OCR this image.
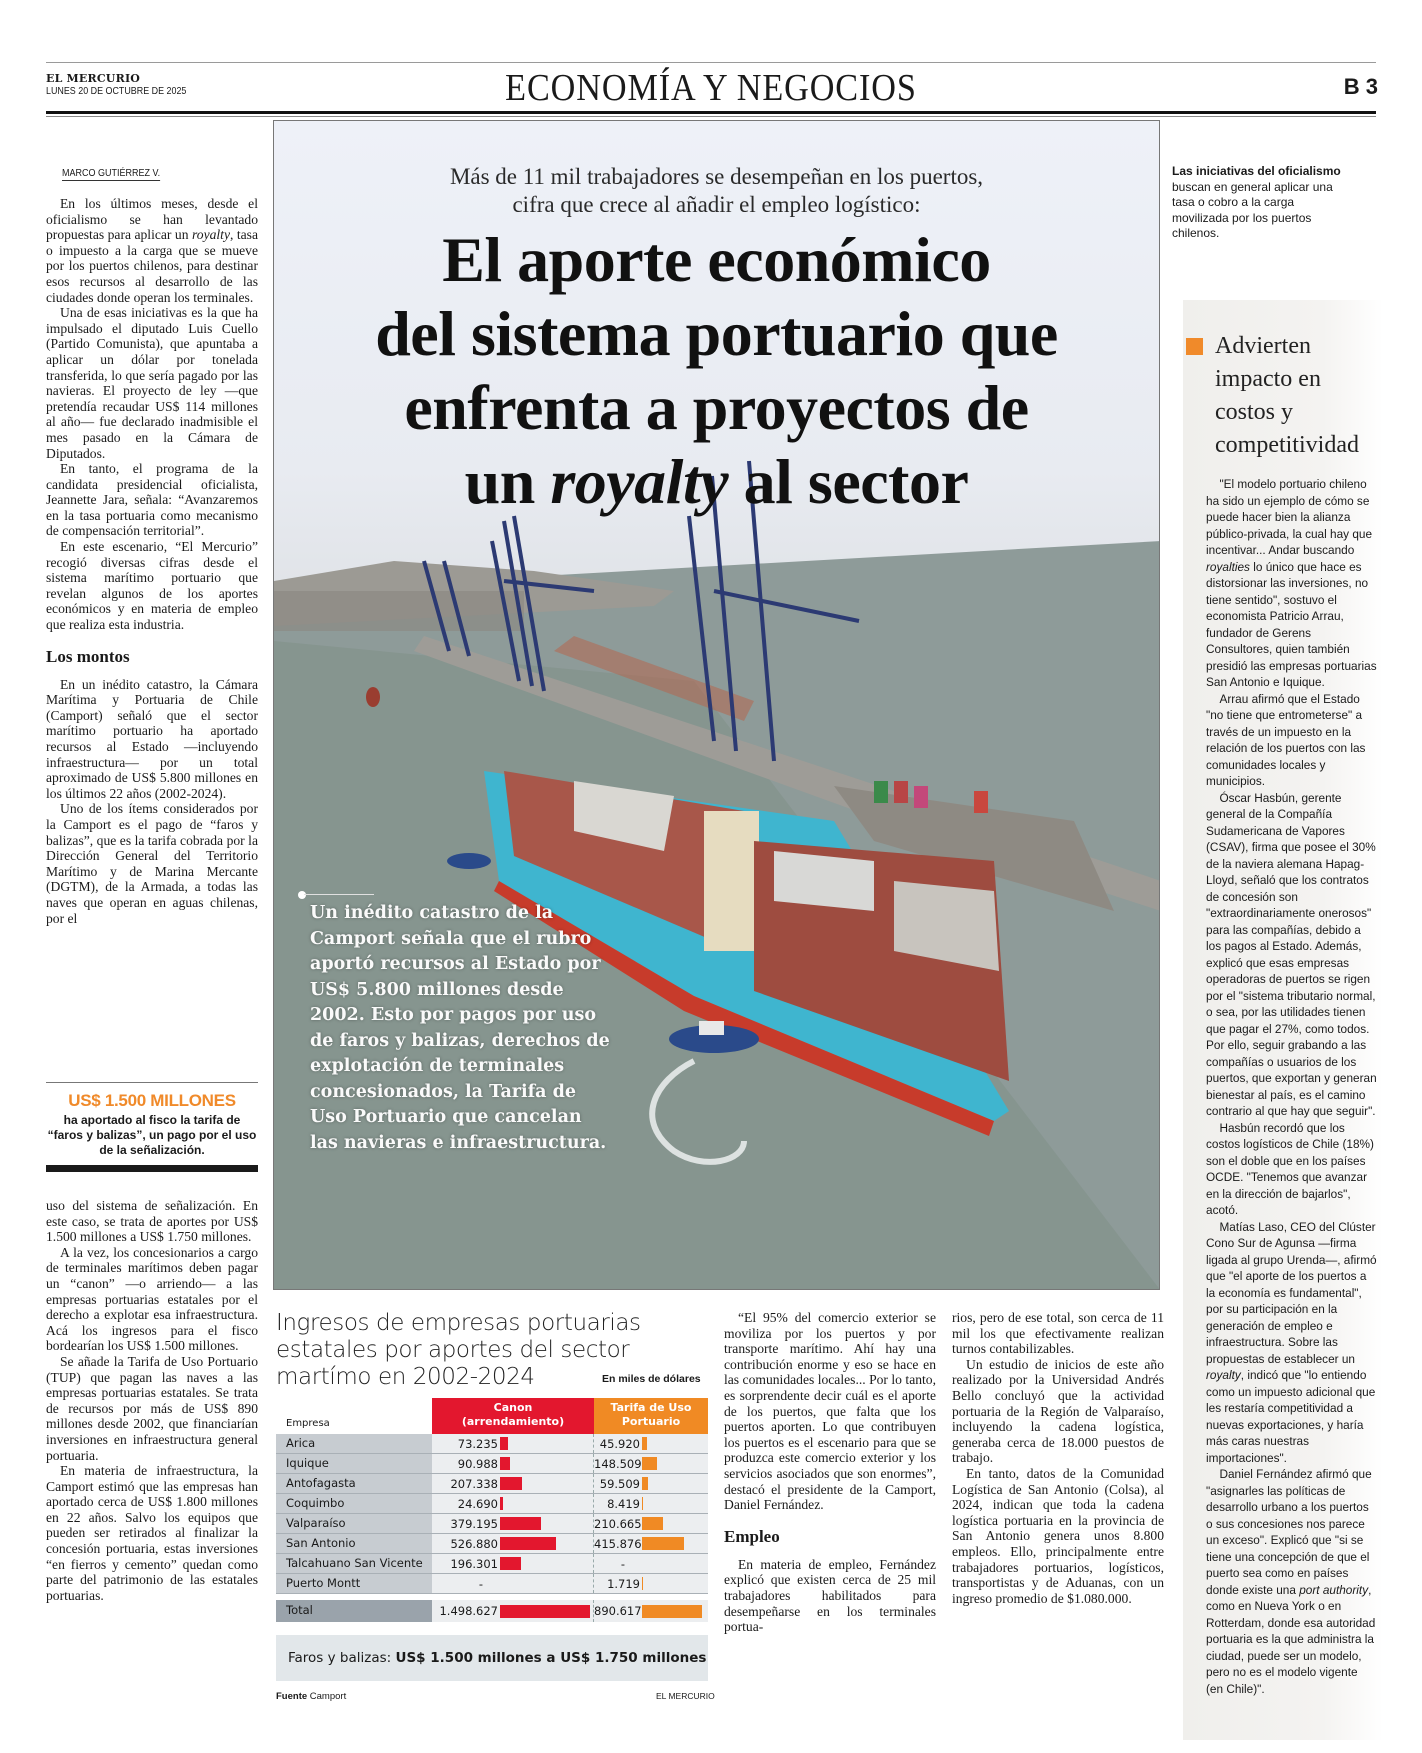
EL MERCURIO
LUNES 20 DE OCTUBRE DE 2025	ECONOMÍA Y NEGOCIOS	B 3
MARCO GUTIÉRREZ V.

En los últimos meses, desde el oficialismo se han levantado propuestas para aplicar un royalty, tasa o impuesto a la carga que se mueve por los puertos chilenos, para destinar esos recursos al desarrollo de las ciudades donde operan los terminales.

Una de esas iniciativas es la que ha impulsado el diputado Luis Cuello (Partido Comunista), que apuntaba a aplicar un dólar por tonelada transferida, lo que sería pagado por las navieras. El proyecto de ley —que pretendía recaudar US$ 114 millones al año— fue declarado inadmisible el mes pasado en la Cámara de Diputados.

En tanto, el programa de la candidata presidencial oficialista, Jeannette Jara, señala: “Avanzaremos en la tasa portuaria como mecanismo de compensación territorial”.

En este escenario, “El Mercurio” recogió diversas cifras desde el sistema marítimo portuario que revelan algunos de los aportes económicos y en materia de empleo que realiza esta industria.

Los montos

En un inédito catastro, la Cámara Marítima y Portuaria de Chile (Camport) señaló que el sector marítimo portuario ha aportado recursos al Estado —incluyendo infraestructura— por un total aproximado de US$ 5.800 millones en los últimos 22 años (2002-2024).

Uno de los ítems considerados por la Camport es el pago de “faros y balizas”, que es la tarifa cobrada por la Dirección General del Territorio Marítimo y de Marina Mercante (DGTM), de la Armada, a todas las naves que operan en aguas chilenas, por el

US$ 1.500 MILLONES
ha aportado al fisco la tarifa de “faros y balizas”, un pago por el uso de la señalización.

uso del sistema de señalización. En este caso, se trata de aportes por US$ 1.500 millones a US$ 1.750 millones.

A la vez, los concesionarios a cargo de terminales marítimos deben pagar un “canon” —o arriendo— a las empresas portuarias estatales por el derecho a explotar esa infraestructura. Acá los ingresos para el fisco bordearían los US$ 1.500 millones.

Se añade la Tarifa de Uso Portuario (TUP) que pagan las naves a las empresas portuarias estatales. Se trata de recursos por más de US$ 890 millones desde 2002, que financiarían inversiones en infraestructura general portuaria.

En materia de infraestructura, la Camport estimó que las empresas han aportado cerca de US$ 1.800 millones en 22 años. Salvo los equipos que pueden ser retirados al finalizar la concesión portuaria, estas inversiones “en fierros y cemento” quedan como parte del patrimonio de las estatales portuarias.

Más de 11 mil trabajadores se desempeñan en los puertos,
cifra que crece al añadir el empleo logístico:
El aporte económico
del sistema portuario que
enfrenta a proyectos de
un royalty al sector
Un inédito catastro de la Camport señala que el rubro aportó recursos al Estado por US$ 5.800 millones desde 2002. Esto por pagos por uso de faros y balizas, derechos de explotación de terminales concesionados, la Tarifa de Uso Portuario que cancelan las navieras e infraestructura.
Ingresos de empresas portuarias estatales por aportes del sector martímo en 2002-2024	En miles de dólares
Empresa
Canon (arrendamiento)
Tarifa de Uso Portuario
Arica	73.235	45.920
Iquique	90.988	148.509
Antofagasta	207.338	59.509
Coquimbo	24.690	8.419
Valparaíso	379.195	210.665
San Antonio	526.880	415.876
Talcahuano San Vicente	196.301	-
Puerto Montt	-	1.719
Total	1.498.627	890.617
Faros y balizas: US$ 1.500 millones a US$ 1.750 millones
Fuente Camport	EL MERCURIO

“El 95% del comercio exterior se moviliza por los puertos y por transporte marítimo. Ahí hay una contribución enorme y eso se hace en las comunidades locales... Por lo tanto, es sorprendente decir cuál es el aporte de los puertos, que falta que los puertos aporten. Lo que contribuyen los puertos es el escenario para que se produzca este comercio exterior y los servicios asociados que son enormes”, destacó el presidente de la Camport, Daniel Fernández.

Empleo

En materia de empleo, Fernández explicó que existen cerca de 25 mil trabajadores habilitados para desempeñarse en los terminales portua-

rios, pero de ese total, son cerca de 11 mil los que efectivamente realizan turnos contabilizables.

Un estudio de inicios de este año realizado por la Universidad Andrés Bello concluyó que la actividad portuaria de la Región de Valparaíso, incluyendo la cadena logística, generaba cerca de 18.000 puestos de trabajo.

En tanto, datos de la Comunidad Logística de San Antonio (Colsa), al 2024, indican que toda la cadena logística portuaria en la provincia de San Antonio genera unos 8.800 empleos. Ello, principalmente entre trabajadores portuarios, logísticos, transportistas y de Aduanas, con un ingreso promedio de $1.080.000.

Las iniciativas del oficialismo buscan en general aplicar una tasa o cobro a la carga movilizada por los puertos chilenos.
Advierten impacto en costos y competitividad

"El modelo portuario chileno ha sido un ejemplo de cómo se puede hacer bien la alianza público-privada, la cual hay que incentivar... Andar buscando royalties lo único que hace es distorsionar las inversiones, no tiene sentido", sostuvo el economista Patricio Arrau, fundador de Gerens Consultores, quien también presidió las empresas portuarias San Antonio e Iquique.

Arrau afirmó que el Estado "no tiene que entrometerse" a través de un impuesto en la relación de los puertos con las comunidades locales y municipios.

Óscar Hasbún, gerente general de la Compañía Sudamericana de Vapores (CSAV), firma que posee el 30% de la naviera alemana Hapag-Lloyd, señaló que los contratos de concesión son "extraordinariamente onerosos" para las compañías, debido a los pagos al Estado. Además, explicó que esas empresas operadoras de puertos se rigen por el "sistema tributario normal, o sea, por las utilidades tienen que pagar el 27%, como todos. Por ello, seguir grabando a las compañías o usuarios de los puertos, que exportan y generan bienestar al país, es el camino contrario al que hay que seguir".

Hasbún recordó que los costos logísticos de Chile (18%) son el doble que en los países OCDE. "Tenemos que avanzar en la dirección de bajarlos", acotó.

Matías Laso, CEO del Clúster Cono Sur de Agunsa —firma ligada al grupo Urenda—, afirmó que "el aporte de los puertos a la economía es fundamental", por su participación en la generación de empleo e infraestructura. Sobre las propuestas de establecer un royalty, indicó que "lo entiendo como un impuesto adicional que les restaría competitividad a nuevas exportaciones, y haría más caras nuestras importaciones".

Daniel Fernández afirmó que "asignarles las políticas de desarrollo urbano a los puertos o sus concesiones nos parece un exceso". Explicó que "si se tiene una concepción de que el puerto sea como en países donde existe una port authority, como en Nueva York o en Rotterdam, donde esa autoridad portuaria es la que administra la ciudad, puede ser un modelo, pero no es el modelo vigente (en Chile)".
